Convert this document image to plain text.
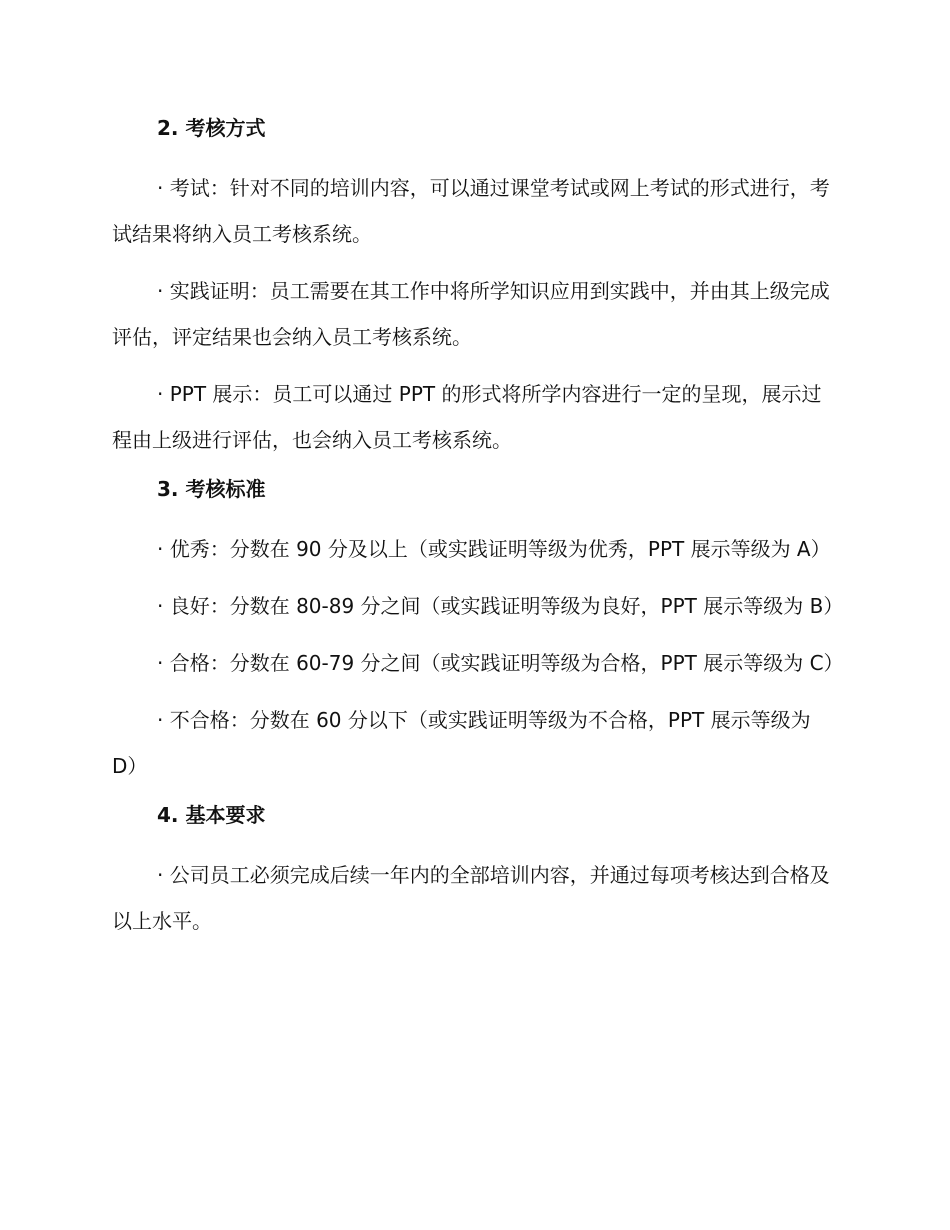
2. 考核方式

· 考试：针对不同的培训内容，可以通过课堂考试或网上考试的形式进行，考试结果将纳入员工考核系统。

· 实践证明：员工需要在其工作中将所学知识应用到实践中，并由其上级完成评估，评定结果也会纳入员工考核系统。

· PPT 展示：员工可以通过 PPT 的形式将所学内容进行一定的呈现，展示过程由上级进行评估，也会纳入员工考核系统。

3. 考核标准

· 优秀：分数在 90 分及以上（或实践证明等级为优秀，PPT 展示等级为 A）

· 良好：分数在 80-89 分之间（或实践证明等级为良好，PPT 展示等级为 B）

· 合格：分数在 60-79 分之间（或实践证明等级为合格，PPT 展示等级为 C）

· 不合格：分数在 60 分以下（或实践证明等级为不合格，PPT 展示等级为 D）

4. 基本要求

· 公司员工必须完成后续一年内的全部培训内容，并通过每项考核达到合格及以上水平。
